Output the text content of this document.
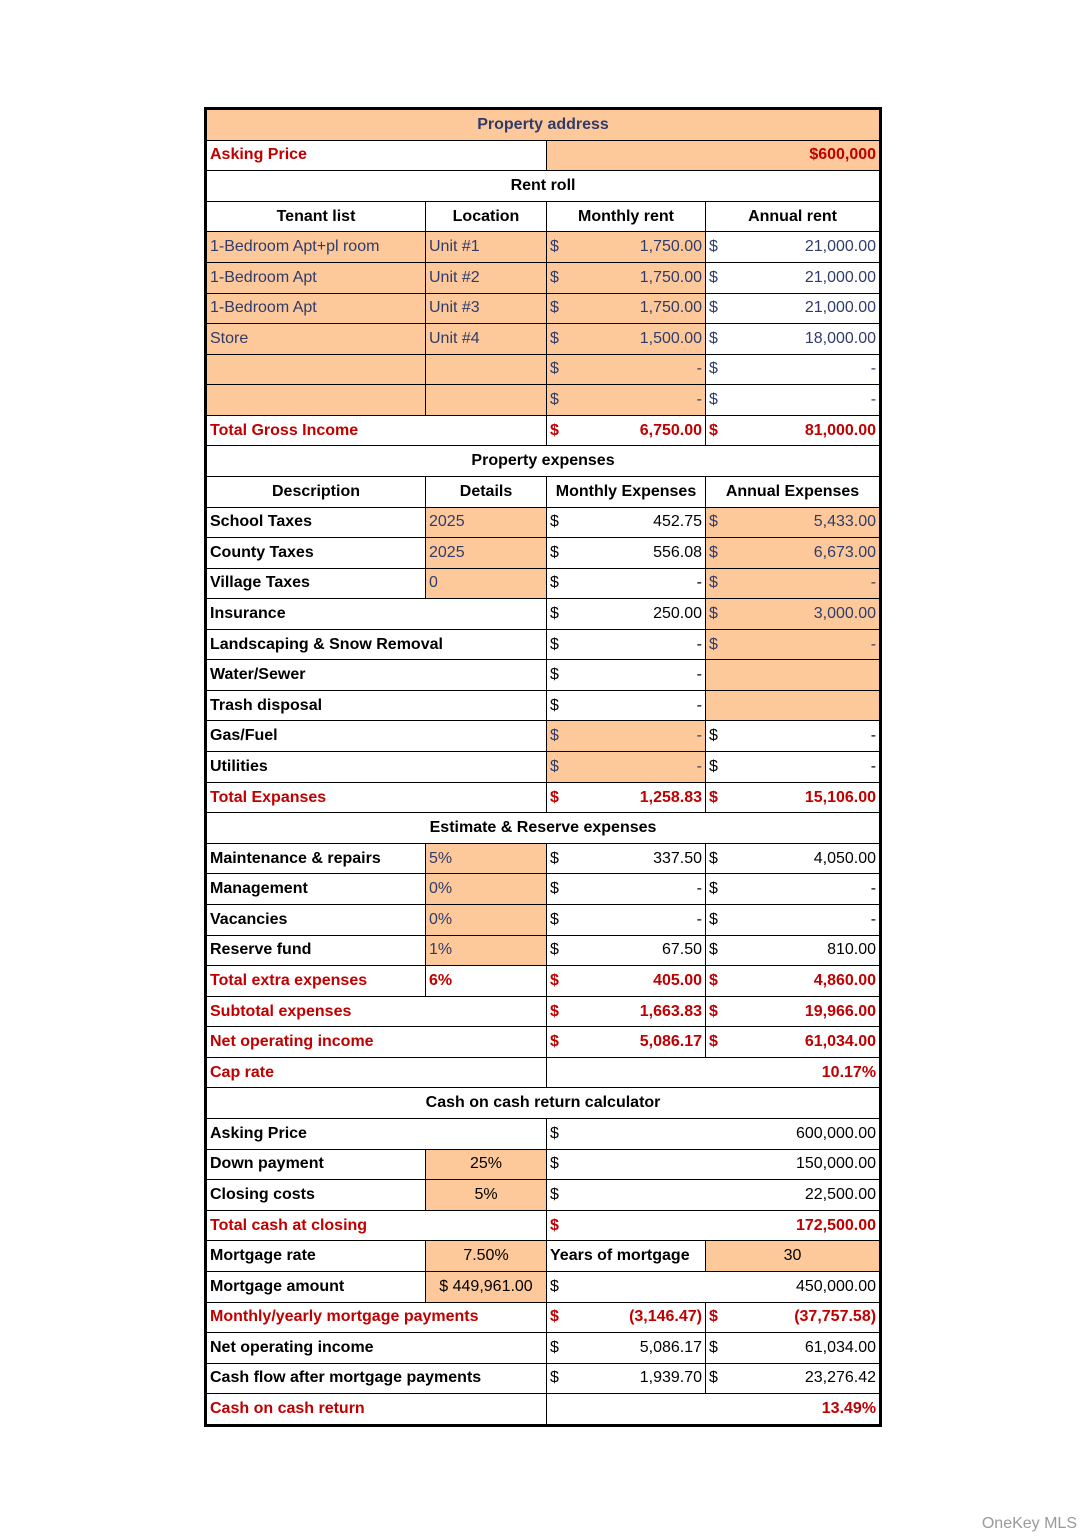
Property address			
Asking Price		$600,000	
Rent roll			
Tenant list	Location	Monthly rent	Annual rent
1-Bedroom Apt+pl room	Unit #1	$ 1,750.00	$ 21,000.00

1-Bedroom Apt	Unit #2	$ 1,750.00	$ 21,000.00

1-Bedroom Apt	Unit #3	$ 1,750.00	$ 21,000.00

Store	Unit #4	$ 1,500.00	$ 18,000.00

		$ -	$ -

		$ -	$ -

Total Gross Income		$ 6,750.00	$ 81,000.00

Property expenses			
Description	Details	Monthly Expenses	Annual Expenses
School Taxes	2025	$ 452.75	$ 5,433.00

County Taxes	2025	$ 556.08	$ 6,673.00

Village Taxes	0	$ -	$ -

Insurance		$ 250.00	$ 3,000.00

Landscaping & Snow Removal		$ -	$ -

Water/Sewer		$ -	

Trash disposal		$ -	

Gas/Fuel		$ -	$ -

Utilities		$ -	$ -

Total Expanses		$ 1,258.83	$ 15,106.00

Estimate & Reserve expenses			
Maintenance & repairs	5%	$ 337.50	$ 4,050.00

Management	0%	$ -	$ -

Vacancies	0%	$ -	$ -

Reserve fund	1%	$ 67.50	$ 810.00

Total extra expenses	6%	$ 405.00	$ 4,860.00

Subtotal expenses		$ 1,663.83	$ 19,966.00

Net operating income		$ 5,086.17	$ 61,034.00

Cap rate		10.17%	
Cash on cash return calculator			
Asking Price		$ 600,000.00	

Down payment	25%	$ 150,000.00	

Closing costs	5%	$ 22,500.00	

Total cash at closing		$ 172,500.00	

Mortgage rate	7.50%	Years of mortgage	30
Mortgage amount	$ 449,961.00	$ 450,000.00	

Monthly/yearly mortgage payments		$ (3,146.47)	$ (37,757.58)

Net operating income		$ 5,086.17	$ 61,034.00

Cash flow after mortgage payments		$ 1,939.70	$ 23,276.42

Cash on cash return		13.49%	
OneKey MLS
